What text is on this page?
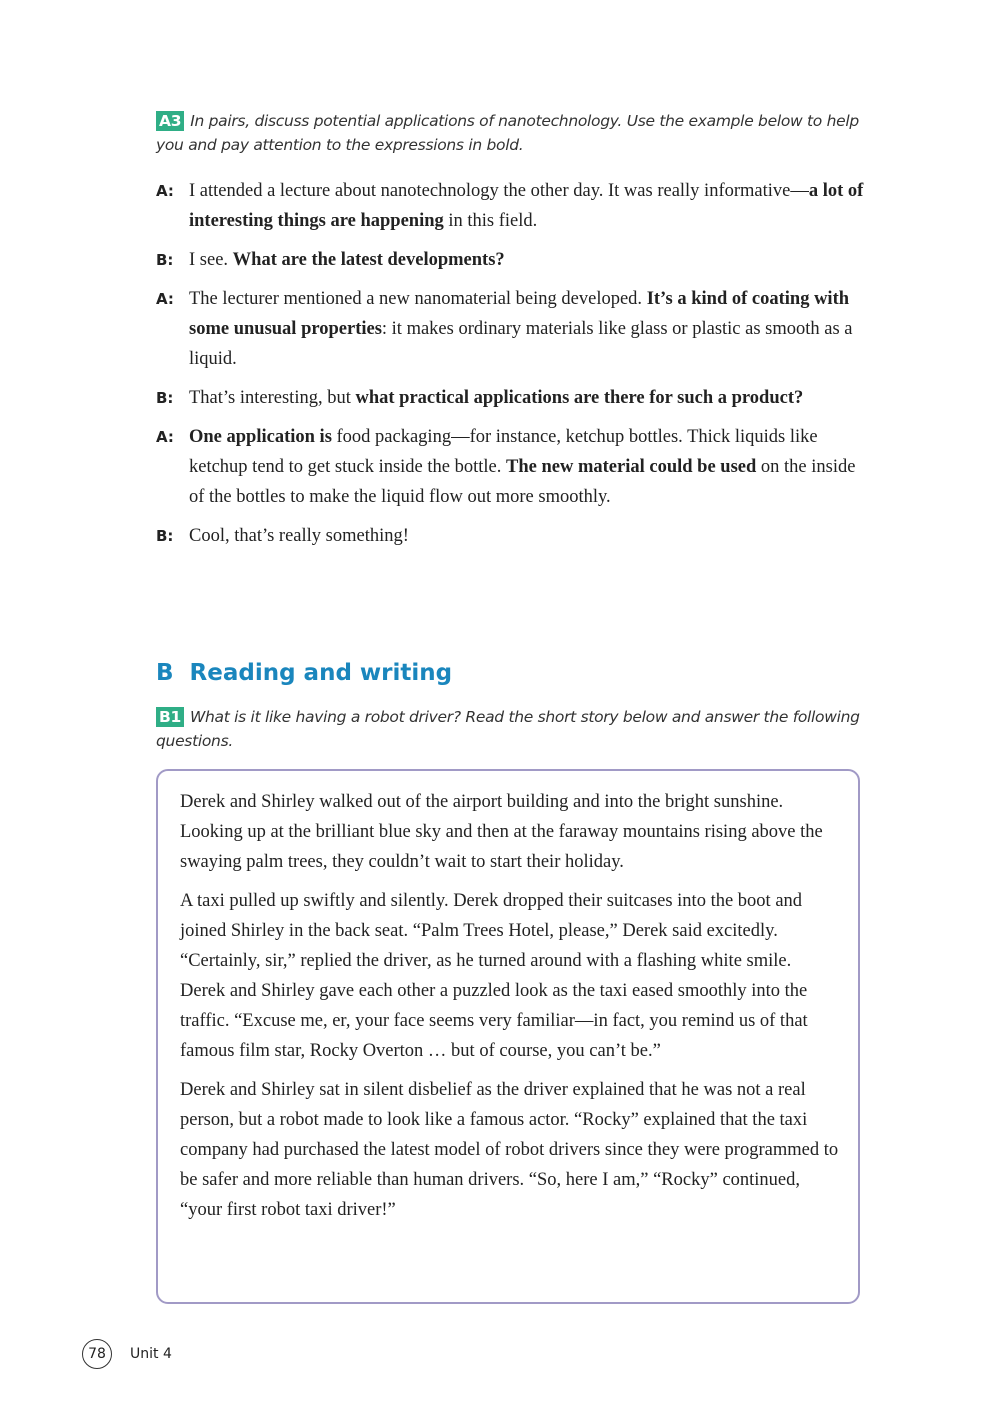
A3 In pairs, discuss potential applications of nanotechnology. Use the example below to help you and pay attention to the expressions in bold.
A: I attended a lecture about nanotechnology the other day. It was really informative—a lot of interesting things are happening in this field.
B: I see. What are the latest developments?
A: The lecturer mentioned a new nanomaterial being developed. It’s a kind of coating with some unusual properties: it makes ordinary materials like glass or plastic as smooth as a liquid.
B: That’s interesting, but what practical applications are there for such a product?
A: One application is food packaging—for instance, ketchup bottles. Thick liquids like ketchup tend to get stuck inside the bottle. The new material could be used on the inside of the bottles to make the liquid flow out more smoothly.
B: Cool, that’s really something!
B Reading and writing
B1 What is it like having a robot driver? Read the short story below and answer the following questions.

Derek and Shirley walked out of the airport building and into the bright sunshine. Looking up at the brilliant blue sky and then at the faraway mountains rising above the swaying palm trees, they couldn’t wait to start their holiday.

A taxi pulled up swiftly and silently. Derek dropped their suitcases into the boot and joined Shirley in the back seat. “Palm Trees Hotel, please,” Derek said excitedly. “Certainly, sir,” replied the driver, as he turned around with a flashing white smile. Derek and Shirley gave each other a puzzled look as the taxi eased smoothly into the traffic. “Excuse me, er, your face seems very familiar—in fact, you remind us of that famous film star, Rocky Overton … but of course, you can’t be.”

Derek and Shirley sat in silent disbelief as the driver explained that he was not a real person, but a robot made to look like a famous actor. “Rocky” explained that the taxi company had purchased the latest model of robot drivers since they were programmed to be safer and more reliable than human drivers. “So, here I am,” “Rocky” continued, “your first robot taxi driver!”

78	Unit 4
